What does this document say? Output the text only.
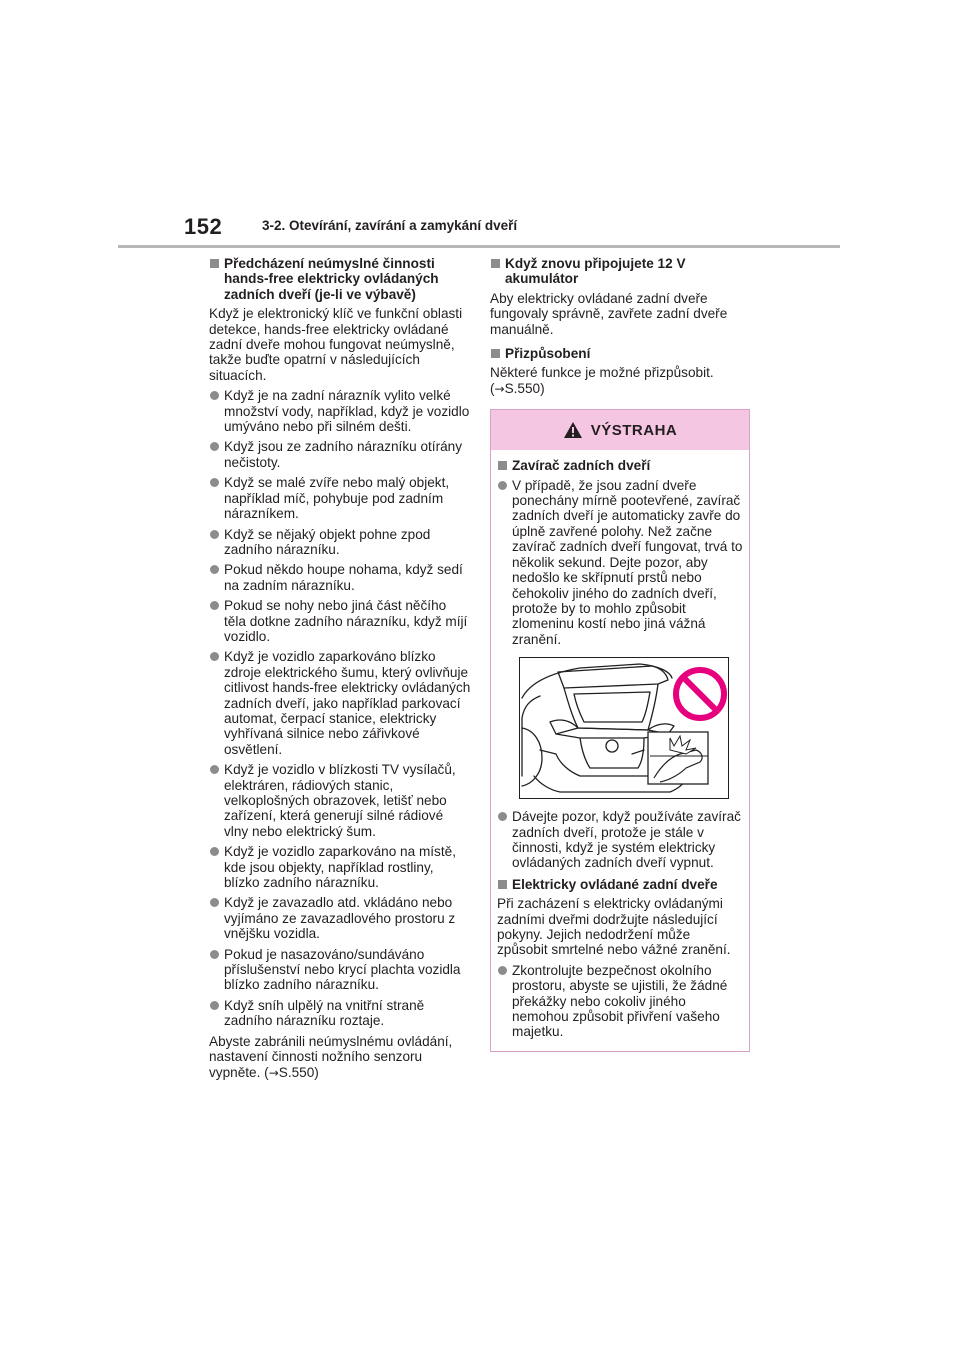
152	3-2. Otevírání, zavírání a zamykání dveří
Předcházení neúmyslné činnosti hands-free elektricky ovládaných zadních dveří (je-li ve výbavě)

Když je elektronický klíč ve funkční oblasti detekce, hands-free elektricky ovládané zadní dveře mohou fungovat neúmyslně, takže buďte opatrní v následujících situacích.

Když je na zadní nárazník vylito velké množství vody, například, když je vozidlo umýváno nebo při silném dešti.
Když jsou ze zadního nárazníku otírány nečistoty.
Když se malé zvíře nebo malý objekt, například míč, pohybuje pod zadním nárazníkem.
Když se nějaký objekt pohne zpod zadního nárazníku.
Pokud někdo houpe nohama, když sedí na zadním nárazníku.
Pokud se nohy nebo jiná část něčího těla dotkne zadního nárazníku, když míjí vozidlo.
Když je vozidlo zaparkováno blízko zdroje elektrického šumu, který ovlivňuje citlivost hands-free elektricky ovládaných zadních dveří, jako například parkovací automat, čerpací stanice, elektricky vyhřívaná silnice nebo zářivkové osvětlení.
Když je vozidlo v blízkosti TV vysílačů, elektráren, rádiových stanic, velkoplošných obrazovek, letišť nebo zařízení, která generují silné rádiové vlny nebo elektrický šum.
Když je vozidlo zaparkováno na místě, kde jsou objekty, například rostliny, blízko zadního nárazníku.
Když je zavazadlo atd. vkládáno nebo vyjímáno ze zavazadlového prostoru z vnějšku vozidla.
Pokud je nasazováno/sundáváno příslušenství nebo krycí plachta vozidla blízko zadního nárazníku.
Když sníh ulpělý na vnitřní straně zadního nárazníku roztaje.

Abyste zabránili neúmyslnému ovládání, nastavení činnosti nožního senzoru vypněte. (→S.550)

Když znovu připojujete 12 V akumulátor

Aby elektricky ovládané zadní dveře fungovaly správně, zavřete zadní dveře manuálně.

Přizpůsobení

Některé funkce je možné přizpůsobit.
(→S.550)

VÝSTRAHA
Zavírač zadních dveří
V případě, že jsou zadní dveře ponechány mírně pootevřené, zavírač zadních dveří je automaticky zavře do úplně zavřené polohy. Než začne zavírač zadních dveří fungovat, trvá to několik sekund. Dejte pozor, aby nedošlo ke skřípnutí prstů nebo čehokoliv jiného do zadních dveří, protože by to mohlo způsobit zlomeninu kostí nebo jiná vážná zranění.
Dávejte pozor, když používáte zavírač zadních dveří, protože je stále v činnosti, když je systém elektricky ovládaných zadních dveří vypnut.
Elektricky ovládané zadní dveře

Při zacházení s elektricky ovládanými zadními dveřmi dodržujte následující pokyny. Jejich nedodržení může způsobit smrtelné nebo vážné zranění.

Zkontrolujte bezpečnost okolního prostoru, abyste se ujistili, že žádné překážky nebo cokoliv jiného nemohou způsobit přivření vašeho majetku.
